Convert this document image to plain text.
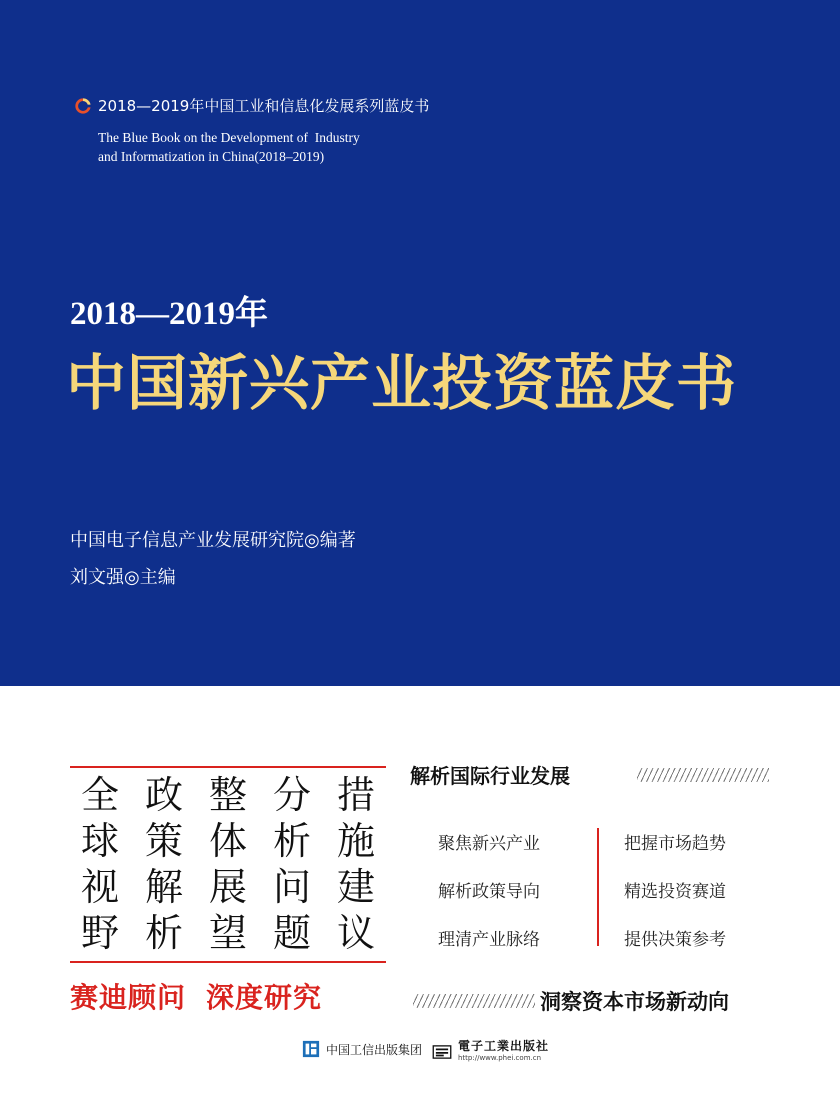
2018—2019年中国工业和信息化发展系列蓝皮书
The Blue Book on the Development of  Industry
and Informatization in China(2018–2019)
2018—2019年
中国新兴产业投资蓝皮书
中国电子信息产业发展研究院◎编著
刘文强◎主编
全 政 整 分 措
球 策 体 析 施
视 解 展 问 建
野 析 望 题 议
赛迪顾问 深度研究
解析国际行业发展
聚焦新兴产业
解析政策导向
理清产业脉络
把握市场趋势
精选投资赛道
提供决策参考
洞察资本市场新动向
中国工信出版集团	電子工業出版社
http://www.phei.com.cn
